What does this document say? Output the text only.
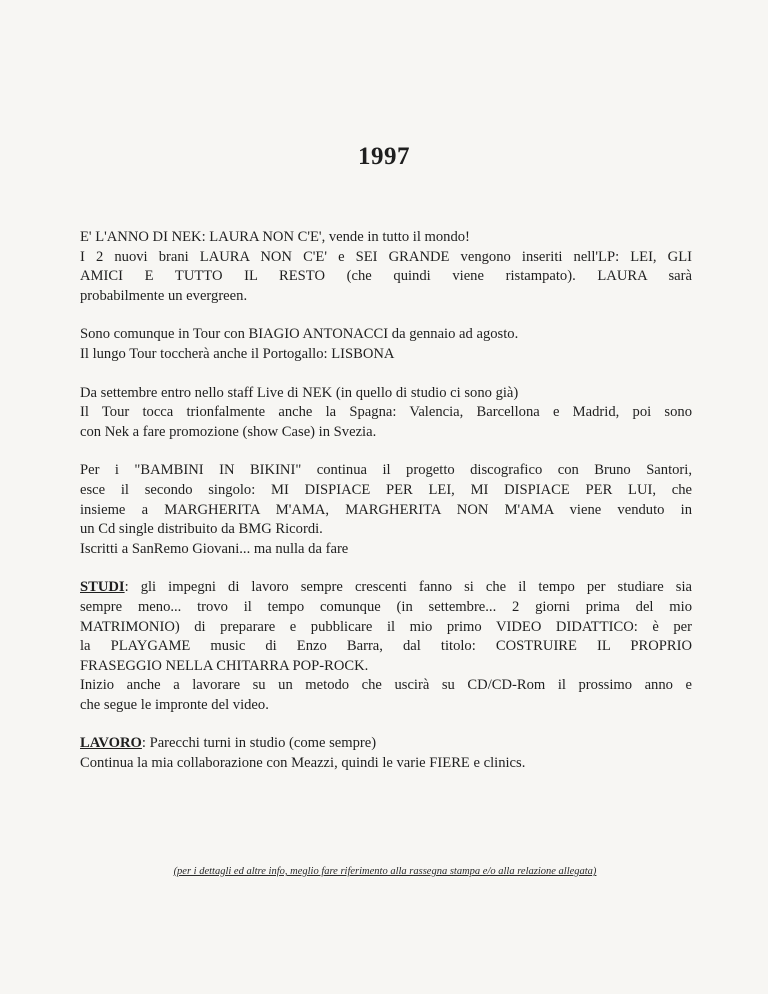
1997
E' L'ANNO DI NEK: LAURA NON C'E', vende in tutto il mondo!
I 2 nuovi brani LAURA NON C'E' e SEI GRANDE vengono inseriti nell'LP: LEI, GLI
AMICI E TUTTO IL RESTO (che quindi viene ristampato). LAURA sarà
probabilmente un evergreen.
Sono comunque in Tour con BIAGIO ANTONACCI da gennaio ad agosto.
Il lungo Tour toccherà anche il Portogallo: LISBONA
Da settembre entro nello staff Live di NEK (in quello di studio ci sono già)
Il Tour tocca trionfalmente anche la Spagna: Valencia, Barcellona e Madrid, poi sono
con Nek a fare promozione (show Case) in Svezia.
Per i "BAMBINI IN BIKINI" continua il progetto discografico con Bruno Santori,
esce il secondo singolo: MI DISPIACE PER LEI, MI DISPIACE PER LUI, che
insieme a MARGHERITA M'AMA, MARGHERITA NON M'AMA viene venduto in
un Cd single distribuito da BMG Ricordi.
Iscritti a SanRemo Giovani... ma nulla da fare
STUDI: gli impegni di lavoro sempre crescenti fanno si che il tempo per studiare sia
sempre meno... trovo il tempo comunque (in settembre... 2 giorni prima del mio
MATRIMONIO) di preparare e pubblicare il mio primo VIDEO DIDATTICO: è per
la PLAYGAME music di Enzo Barra, dal titolo: COSTRUIRE IL PROPRIO
FRASEGGIO NELLA CHITARRA POP-ROCK.
Inizio anche a lavorare su un metodo che uscirà su CD/CD-Rom il prossimo anno e
che segue le impronte del video.
LAVORO: Parecchi turni in studio (come sempre)
Continua la mia collaborazione con Meazzi, quindi le varie FIERE e clinics.
(per i dettagli ed altre info, meglio fare riferimento alla rassegna stampa e/o alla relazione allegata)
